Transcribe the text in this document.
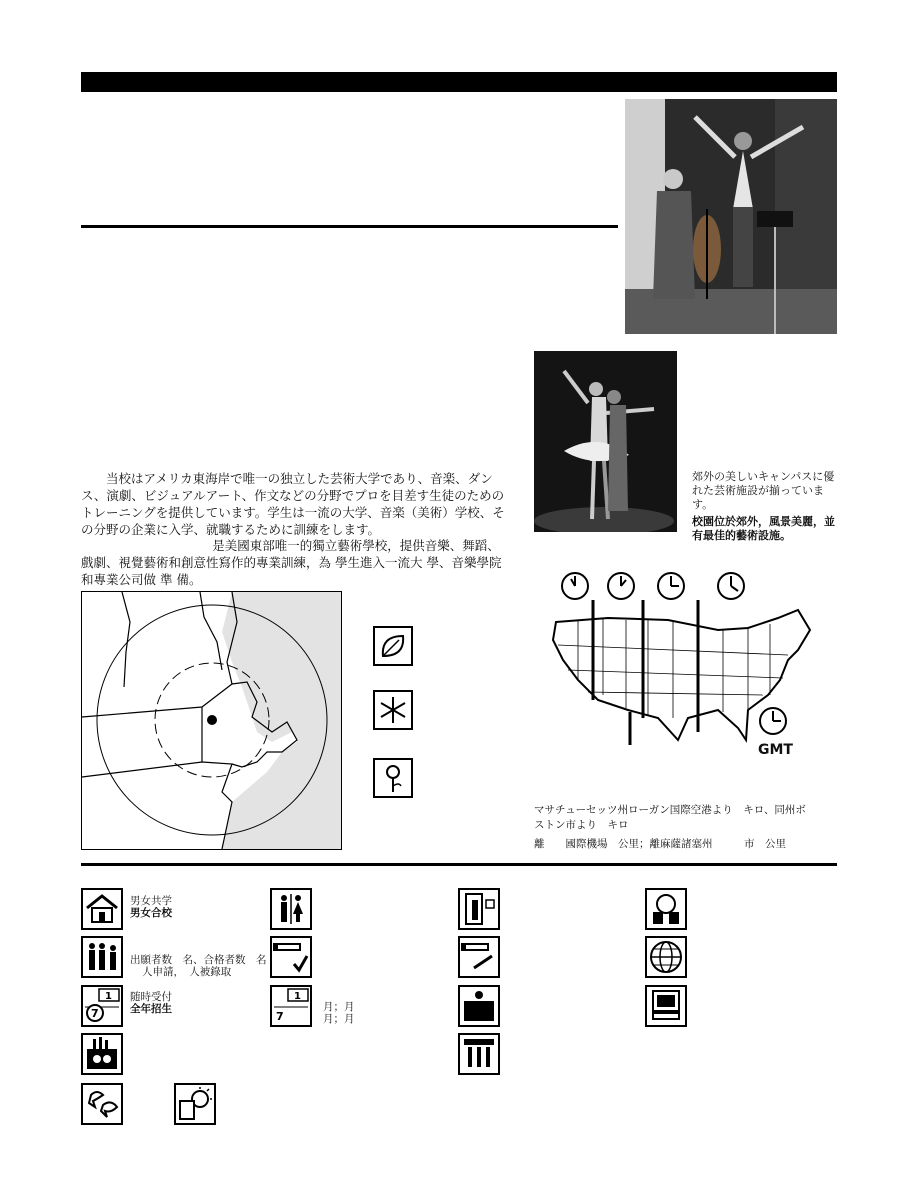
当校はアメリカ東海岸で唯一の独立した芸術大学であり、音楽、ダンス、演劇、ビジュアルアート、作文などの分野でプロを目差す生徒のためのトレーニングを提供しています。学生は一流の大学、音楽（美術）学校、その分野の企業に入学、就職するために訓練をします。

是美國東部唯一的獨立藝術學校，提供音樂、舞蹈、戲劇、視覺藝術和創意性寫作的專業訓練，為 學生進入一流大 學、音樂學院和專業公司做 準 備。
郊外の美しいキャンパスに優れた芸術施設が揃っています。
校園位於郊外，風景美麗，並有最佳的藝術設施。
GMT
マサチューセッツ州ローガン国際空港より　キロ、同州ボ
ストン市より　キロ
離　　國際機場　公里；離麻薩諸塞州　　　市　公里
男女共学
男女合校
出願者数　名、合格者数　名
人申請，　人被錄取
1
7
随時受付
全年招生
1
7
月；月
月；月
